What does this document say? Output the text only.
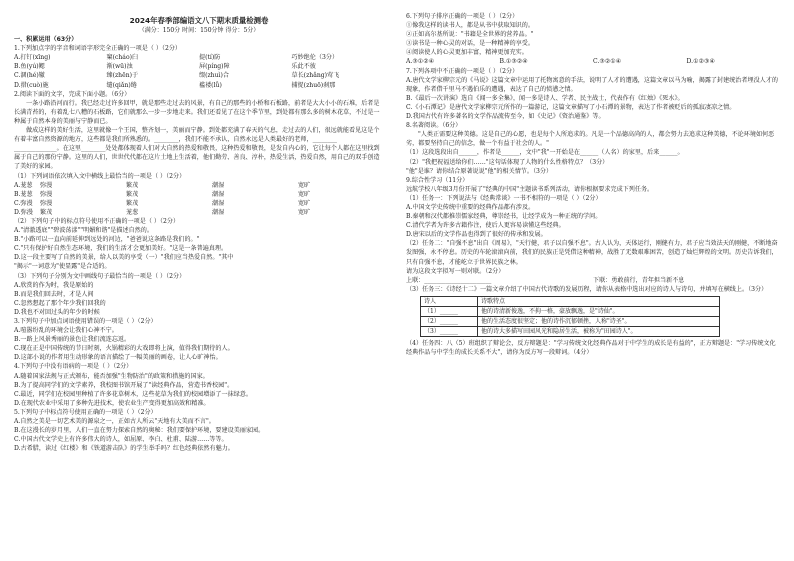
2024年春季部编语文八下期末质量检测卷

（满分：150分 时间：150分钟 得分：5分）

一、积累运用（63分）

1.下列加点字的字音和词语字形完全正确的一项是（ ）（2分）

A.打钉(xīng)	窠(cháo)臼	提(tí)防	巧妙绝伦（3分）
B.鱼(yú)鳃	渐(wū)浊	屏(píng)障	乐此不彼
C.涸(hé)辙	臻(zhēn)于	缀(zhuì)合	草长(zhǎng)莺飞
D.措(cuò)施	缱(qiǎn)绻	褴褛(lǚ)	捕捉(zhuō)刹那

2.阅读下面的文字，完成下面小题。（6分）

一条小路沿河而行。我已经走过许多回甲，就是那些走过去的风景，有自己的那些的小桥和石板路，前者是大大小小的石堆，后者是长满青苔的，有着乱七八糟的石板路，它们就那么一步一步地走来。我们还看见了在这个季节里，到处都有那么多的树木花草，不过是一种属于自然本身的美丽与宁静而已。

做成这样的美好生活，这里就像一个王国，整齐划一，美丽而宁静。到处都充满了春天的气息，走过去的人们，很远就能看见这是个有着丰富自然资源的地方，这些都是我们所熟悉的。________，我们不能不承认，自然永远是人类最好的老师，________

______________。在这里________处处都体现着人们对大自然的热爱和敬畏，这种热爱和敬畏，是发自内心的，它让每个人都在这里找到属于自己的那份宁静。这里的人们，世世代代都在这片土地上生活着，他们勤劳、善良、淳朴，热爱生活，热爱自然，用自己的双手创造了美好的家园。

（1）下列词语依次填入文中横线上最恰当的一项是（ ）（2分）

A.茏葱	弥漫	繁茂	潮湿	宽旷
B.茏葱	弥漫	繁茂	潮湿	宽旷
C.弥漫	弥漫	繁茂	潮湿	宽旷
D.弥漫	繁茂	茏葱	潮湿	宽旷

（2）下列句子中的标点符号使用不正确的一项是（ ）（2分）

A."清澈透底""碧波荡漾""明媚和谐"是描述自然的。

B."小路可以一直向前延伸到远处的河边，"爸爸说这条路是我们的。"

C."只有保护好自然生态环境，我们的生活才会更加美好。"这是一条普遍真理。

D.这一段主要写了自然的美景，给人以美的享受（一）"我们应当热爱自然。"其中

"揭示"一词意为"使显露"是合适的。

（3）下列句子分别为文中画线句子最恰当的一项是（ ）（2分）

A.欣赏的作为时，我是原始的

B.而是我们回去时，才是人间

C.忽然想起了那个年少我们回我的

D.我也不对回过头的年少的时候

3.下列句子中加点词语使用错误的一项是（ ）（2分）

A.喧嚣纷乱的环境会让我们心神不宁。

B.一路上风景秀丽的景色让我们流连忘返。

C.现在正是中国传统的节日时刻，火锅精彩的大戏即将上演，值得我们期待的人。

D.这部小说的作者用生动形象的语言描绘了一幅美丽的画卷，让人心旷神怡。

4.下列句子中没有语病的一项是（ ）（2分）

A.随着国家法规与正式颁布，能否加强"生物防治"的政策和措施的国家。

B.为了提高同学们的文学素养，我校图书馆开展了"读经典作品，营造书香校园"。

C.最近，同学们在校园里种植了许多花草树木，这些花草为我们的校园增添了一抹绿意。

D.在现代农业中采用了多种先进技术，使农业生产变得更加高效和精准。

5.下列句子中标点符号使用正确的一项是（ ）（2分）

A.自然之美是一切艺术美的源泉之一，正如古人所云"天地有大美而不言"。

B.在这漫长的岁月里，人们一直在努力探索自然的奥秘：我们要保护环境，要建设美丽家园。

C.中国古代文学史上有许多伟大的诗人，如屈原、李白、杜甫、陆游……等等。

D.古希腊，读过《红楼》和《铁道游击队》的学生举手吗？红色经典依然有魅力。

6.下列句子排序正确的一项是（ ）（2分）

①像我这样的读书人，都是从书中获取知识的。

②正如高尔基所说："书籍是全世界的营养品。"

③读书是一种心灵的对话，是一种精神的享受。

④阅读使人的心灵更加丰富，精神更加充实。

A.③①②④	B.①③②④	C.③②①④	D.①②③④

7.下列各项中不正确的一项是（ ）（2分）

A.唐代文学家柳宗元的《马说》这篇文章中运用了托物寓意的手法，说明了人才的遭遇，这篇文章以马为喻，揭露了封建统治者埋没人才的现象，作者借千里马不遇伯乐的遭遇，表达了自己的愤懑之情。

B.《最后一次讲演》选自《闻一多全集》，闻一多是诗人、学者、民主战士，代表作有《红烛》《死水》。

C.《小石潭记》是唐代文学家柳宗元所作的一篇游记，这篇文章描写了小石潭的景物，表达了作者被贬后的孤寂凄凉之情。

D.我国古代有许多著名的文学作品流传至今，如《史记》《资治通鉴》等。

8.名著阅读。（6分）

"人类正需要这种美德。这是自己的心愿，也是每个人所追求的。凡是一个品德高尚的人，都会努力去追求这种美德，不论环境如何恶劣，都要坚持自己的信念，做一个有益于社会的人。"

（1）这段选段出自______，作者是______，文中"我"一开始是在______（人名）的家里，后来______。

（2）"我把祝福送给你们……"这句话体现了人物的什么性格特点？（3分）

"他"是谁？请你结合原著说说"他"的相关情节。（3分）

9.综合性学习（11分）

远航学校八年级3月份开展了"经典的中国"主题读书系列活动，请你根据要求完成下列任务。

（1）任务一：下列说法与《经典常谈》一书不相符的一项是（ ）（2分）

A.中国文学史传统中重要的经典作品都有涉及。

B.秦朝和汉代都推崇儒家经典，尊崇经书，让经学成为一种正统的学问。

C.清代学者为许多古籍作注，使后人更容易读懂这些经典。

D.唐宋以后的文学作品也得到了很好的传承和发展。

（2）任务二："自强不息"出自《周易》，"天行健，君子以自强不息"。古人认为，天体运行，刚健有力，君子应当效法天的刚健，不断地奋发图强，永不停息。历史的车轮滚滚向前，我们的民族正是凭借这种精神，战胜了无数艰难困苦，创造了灿烂辉煌的文明。历史告诉我们，只有自强不息，才能屹立于世界民族之林。

请为这段文字拟写一则对联。（2分）

上联：______________________	下联：勇敢前行，青年担当新不息

（3）任务三：《诗经十二》一篇文章介绍了中国古代诗歌的发展历程，请你从表格中选出对应的诗人与诗句，并填写在横线上。（3分）

诗人	诗歌特点
（1）______	他的诗清新俊逸，不拘一格，豪放飘逸，是"诗仙"。
（2）______	他的生活态度很坚定；他的诗作沉郁顿挫，人称"诗圣"。
（3）______	他的诗大多描写田园风光和隐居生活，被称为"田园诗人"。

（4）任务四：八（5）班组织了辩论会，反方辩题是："学习传统文化经典作品对于中学生的成长是有益的"，正方辩题是："学习传统文化经典作品与中学生的成长关系不大"，请你为反方写一段辩词。（4分）
